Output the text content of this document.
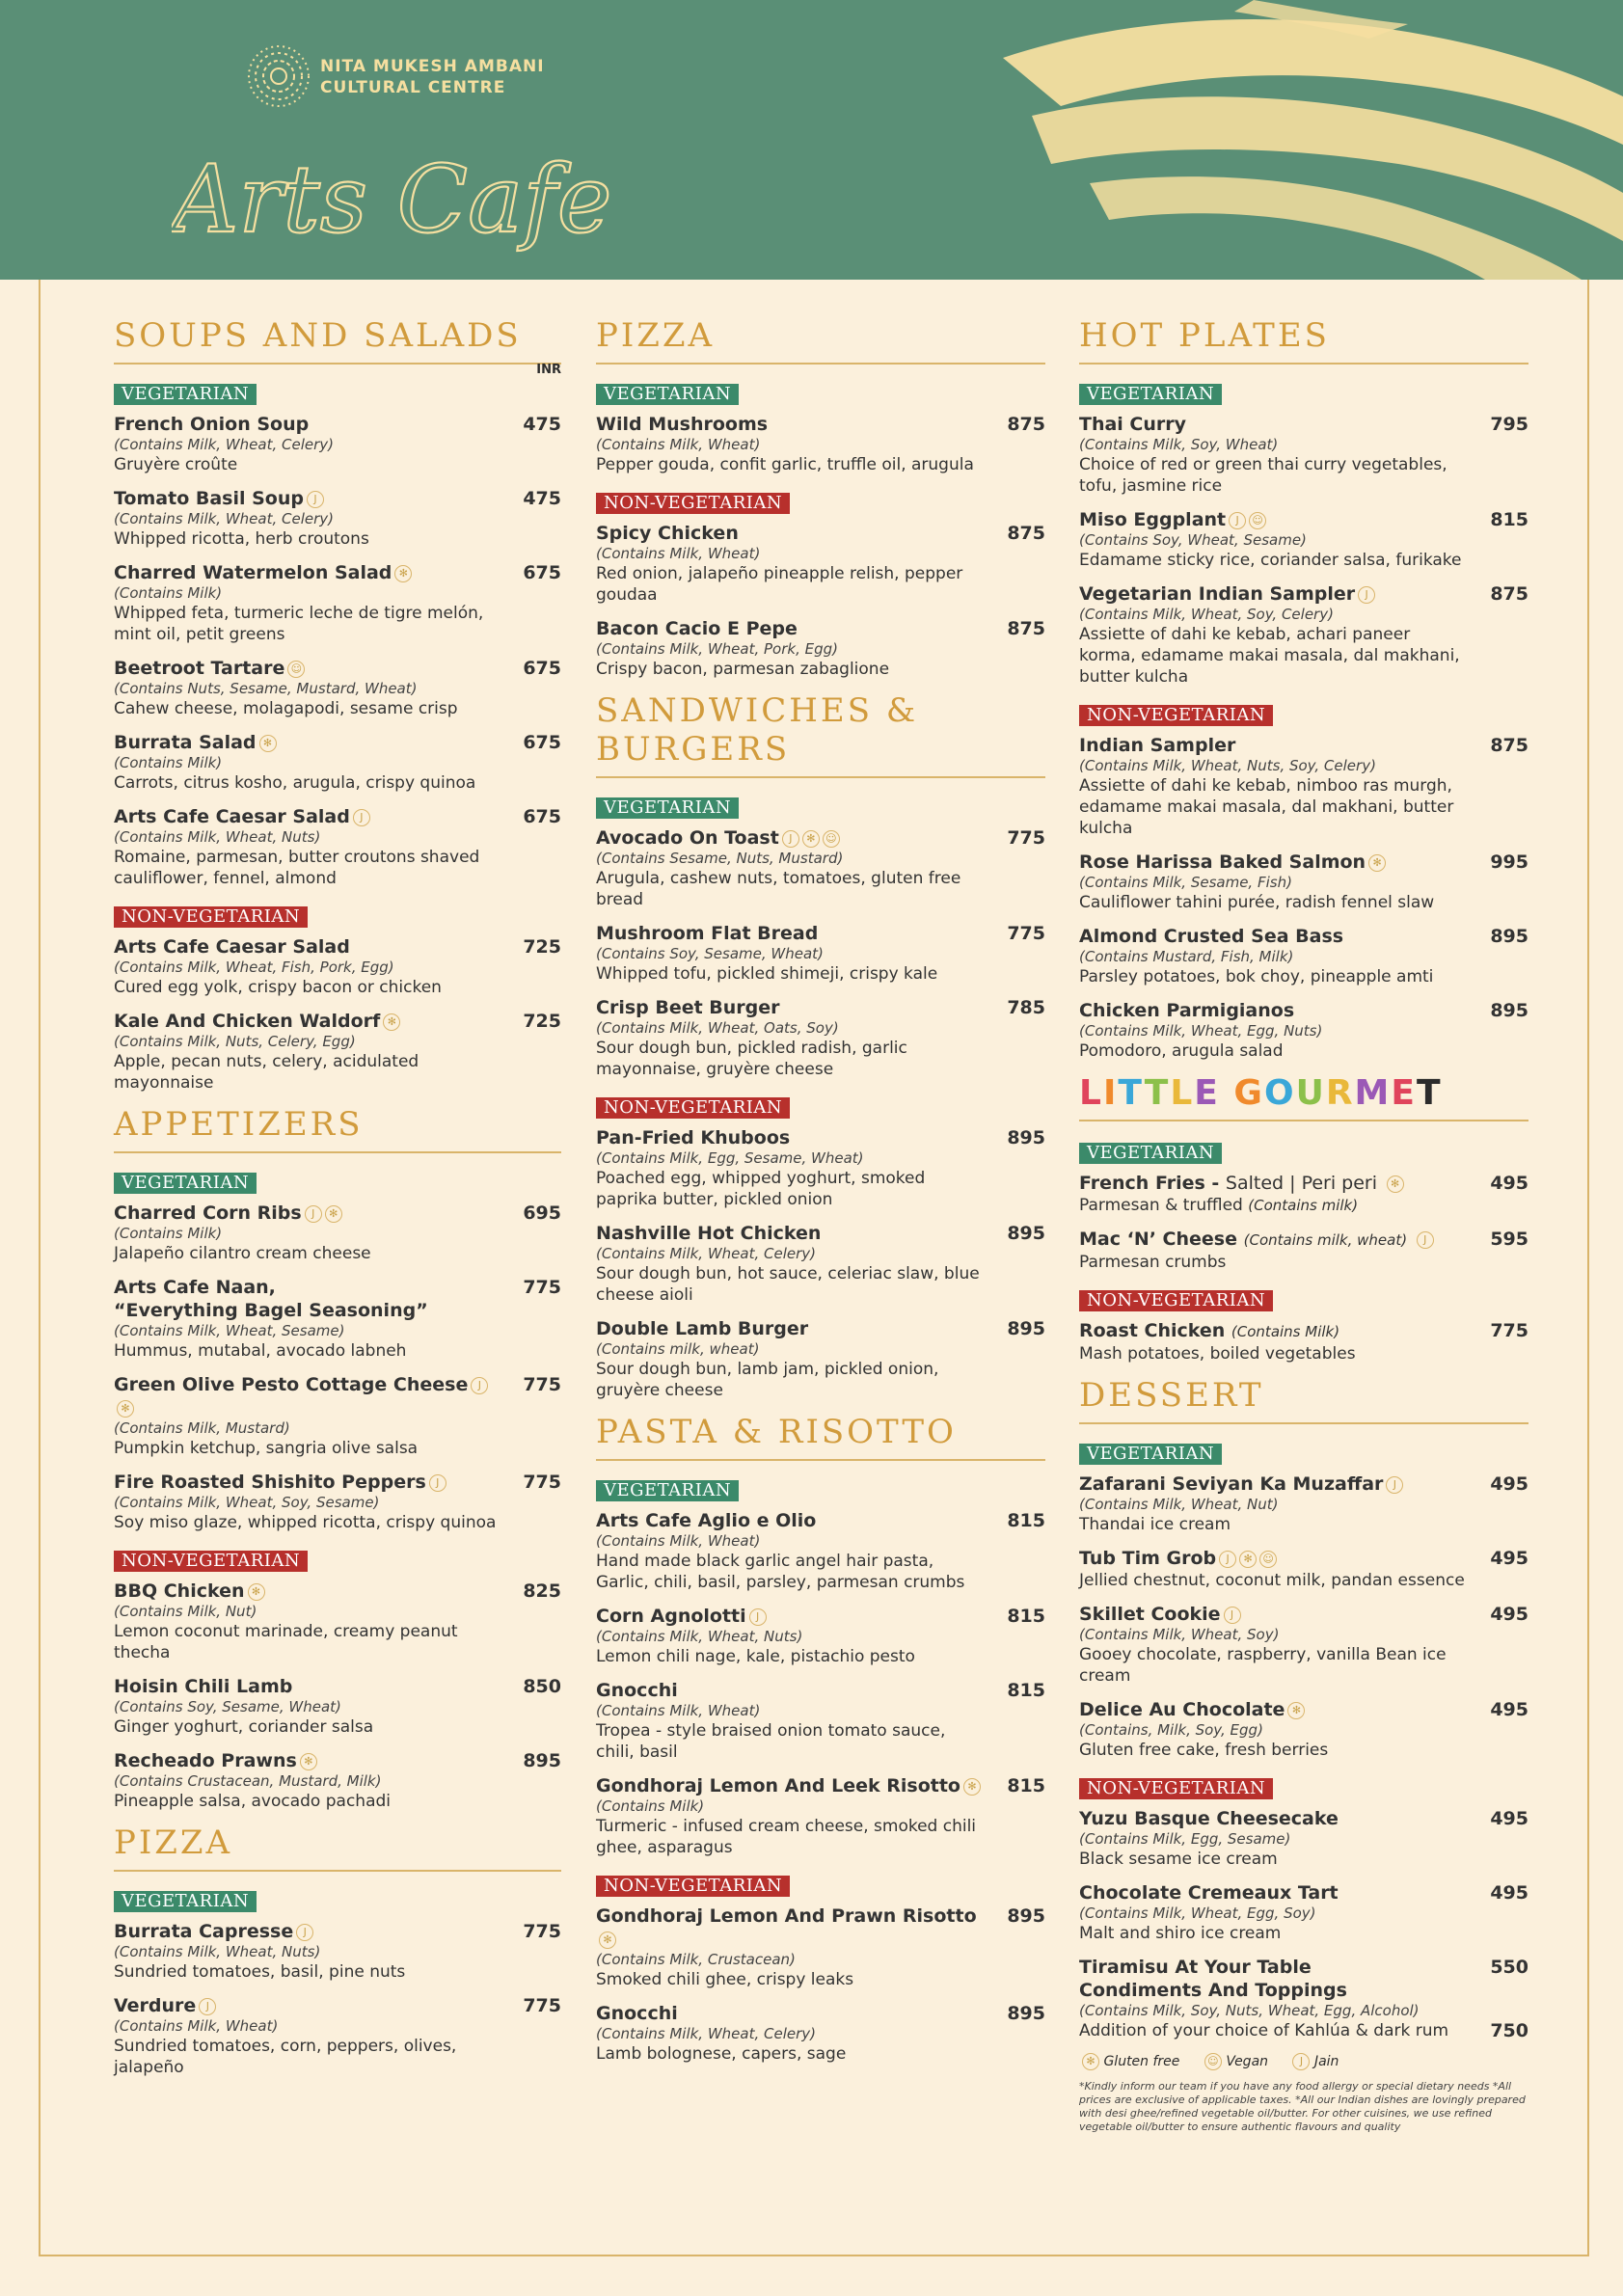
NITA MUKESH AMBANI
CULTURAL CENTRE
Arts Cafe
SOUPS AND SALADS
INR
VEGETARIAN
French Onion Soup	475
(Contains Milk, Wheat, Celery)
Gruyère croûte
Tomato Basil Soup J	475
(Contains Milk, Wheat, Celery)
Whipped ricotta, herb croutons
Charred Watermelon Salad ✻	675
(Contains Milk)
Whipped feta, turmeric leche de tigre melón, mint oil, petit greens
Beetroot Tartare ☺	675
(Contains Nuts, Sesame, Mustard, Wheat)
Cahew cheese, molagapodi, sesame crisp
Burrata Salad ✻	675
(Contains Milk)
Carrots, citrus kosho, arugula, crispy quinoa
Arts Cafe Caesar Salad J	675
(Contains Milk, Wheat, Nuts)
Romaine, parmesan, butter croutons shaved cauliflower, fennel, almond
NON-VEGETARIAN
Arts Cafe Caesar Salad	725
(Contains Milk, Wheat, Fish, Pork, Egg)
Cured egg yolk, crispy bacon or chicken
Kale And Chicken Waldorf ✻	725
(Contains Milk, Nuts, Celery, Egg)
Apple, pecan nuts, celery, acidulated mayonnaise
APPETIZERS
VEGETARIAN
Charred Corn Ribs J ✻	695
(Contains Milk)
Jalapeño cilantro cream cheese
Arts Cafe Naan,
“Everything Bagel Seasoning”
775
(Contains Milk, Wheat, Sesame)
Hummus, mutabal, avocado labneh
Green Olive Pesto Cottage Cheese J✻
775
(Contains Milk, Mustard)
Pumpkin ketchup, sangria olive salsa
Fire Roasted Shishito Peppers J	775
(Contains Milk, Wheat, Soy, Sesame)
Soy miso glaze, whipped ricotta, crispy quinoa
NON-VEGETARIAN
BBQ Chicken ✻	825
(Contains Milk, Nut)
Lemon coconut marinade, creamy peanut thecha
Hoisin Chili Lamb	850
(Contains Soy, Sesame, Wheat)
Ginger yoghurt, coriander salsa
Recheado Prawns ✻	895
(Contains Crustacean, Mustard, Milk)
Pineapple salsa, avocado pachadi
PIZZA
VEGETARIAN
Burrata Capresse J	775
(Contains Milk, Wheat, Nuts)
Sundried tomatoes, basil, pine nuts
Verdure J	775
(Contains Milk, Wheat)
Sundried tomatoes, corn, peppers, olives, jalapeño
PIZZA
VEGETARIAN
Wild Mushrooms	875
(Contains Milk, Wheat)
Pepper gouda, confit garlic, truffle oil, arugula
NON-VEGETARIAN
Spicy Chicken	875
(Contains Milk, Wheat)
Red onion, jalapeño pineapple relish, pepper goudaa
Bacon Cacio E Pepe	875
(Contains Milk, Wheat, Pork, Egg)
Crispy bacon, parmesan zabaglione
SANDWICHES & BURGERS
VEGETARIAN
Avocado On Toast J ✻ ☺	775
(Contains Sesame, Nuts, Mustard)
Arugula, cashew nuts, tomatoes, gluten free bread
Mushroom Flat Bread	775
(Contains Soy, Sesame, Wheat)
Whipped tofu, pickled shimeji, crispy kale
Crisp Beet Burger	785
(Contains Milk, Wheat, Oats, Soy)
Sour dough bun, pickled radish, garlic mayonnaise, gruyère cheese
NON-VEGETARIAN
Pan-Fried Khuboos	895
(Contains Milk, Egg, Sesame, Wheat)
Poached egg, whipped yoghurt, smoked paprika butter, pickled onion
Nashville Hot Chicken	895
(Contains Milk, Wheat, Celery)
Sour dough bun, hot sauce, celeriac slaw, blue cheese aioli
Double Lamb Burger	895
(Contains milk, wheat)
Sour dough bun, lamb jam, pickled onion, gruyère cheese
PASTA & RISOTTO
VEGETARIAN
Arts Cafe Aglio e Olio	815
(Contains Milk, Wheat)
Hand made black garlic angel hair pasta, Garlic, chili, basil, parsley, parmesan crumbs
Corn Agnolotti J	815
(Contains Milk, Wheat, Nuts)
Lemon chili nage, kale, pistachio pesto
Gnocchi	815
(Contains Milk, Wheat)
Tropea - style braised onion tomato sauce, chili, basil
Gondhoraj Lemon And Leek Risotto ✻	815
(Contains Milk)
Turmeric - infused cream cheese, smoked chili ghee, asparagus
NON-VEGETARIAN
Gondhoraj Lemon And Prawn Risotto✻
895
(Contains Milk, Crustacean)
Smoked chili ghee, crispy leaks
Gnocchi	895
(Contains Milk, Wheat, Celery)
Lamb bolognese, capers, sage
HOT PLATES
VEGETARIAN
Thai Curry	795
(Contains Milk, Soy, Wheat)
Choice of red or green thai curry vegetables, tofu, jasmine rice
Miso Eggplant J ☺	815
(Contains Soy, Wheat, Sesame)
Edamame sticky rice, coriander salsa, furikake
Vegetarian Indian Sampler J	875
(Contains Milk, Wheat, Soy, Celery)
Assiette of dahi ke kebab, achari paneer korma, edamame makai masala, dal makhani, butter kulcha
NON-VEGETARIAN
Indian Sampler	875
(Contains Milk, Wheat, Nuts, Soy, Celery)
Assiette of dahi ke kebab, nimboo ras murgh, edamame makai masala, dal makhani, butter kulcha
Rose Harissa Baked Salmon ✻	995
(Contains Milk, Sesame, Fish)
Cauliflower tahini purée, radish fennel slaw
Almond Crusted Sea Bass	895
(Contains Mustard, Fish, Milk)
Parsley potatoes, bok choy, pineapple amti
Chicken Parmigianos	895
(Contains Milk, Wheat, Egg, Nuts)
Pomodoro, arugula salad
LITTLE GOURMET
VEGETARIAN
French Fries - Salted | Peri peri ✻	495
Parmesan & truffled (Contains milk)
Mac ‘N’ Cheese (Contains milk, wheat) J	595
Parmesan crumbs
NON-VEGETARIAN
Roast Chicken (Contains Milk)	775
Mash potatoes, boiled vegetables
DESSERT
VEGETARIAN
Zafarani Seviyan Ka Muzaffar J	495
(Contains Milk, Wheat, Nut)
Thandai ice cream
Tub Tim Grob J ✻ ☺	495
Jellied chestnut, coconut milk, pandan essence
Skillet Cookie J	495
(Contains Milk, Wheat, Soy)
Gooey chocolate, raspberry, vanilla Bean ice cream
Delice Au Chocolate ✻	495
(Contains, Milk, Soy, Egg)
Gluten free cake, fresh berries
NON-VEGETARIAN
Yuzu Basque Cheesecake	495
(Contains Milk, Egg, Sesame)
Black sesame ice cream
Chocolate Cremeaux Tart	495
(Contains Milk, Wheat, Egg, Soy)
Malt and shiro ice cream
Tiramisu At Your Table	550
Condiments And Toppings
(Contains Milk, Soy, Nuts, Wheat, Egg, Alcohol)
Addition of your choice of Kahlúa & dark rum 750
✻ Gluten free	☺ Vegan	J Jain
*Kindly inform our team if you have any food allergy or special dietary needs *All prices are exclusive of applicable taxes. *All our Indian dishes are lovingly prepared with desi ghee/refined vegetable oil/butter. For other cuisines, we use refined vegetable oil/butter to ensure authentic flavours and quality
